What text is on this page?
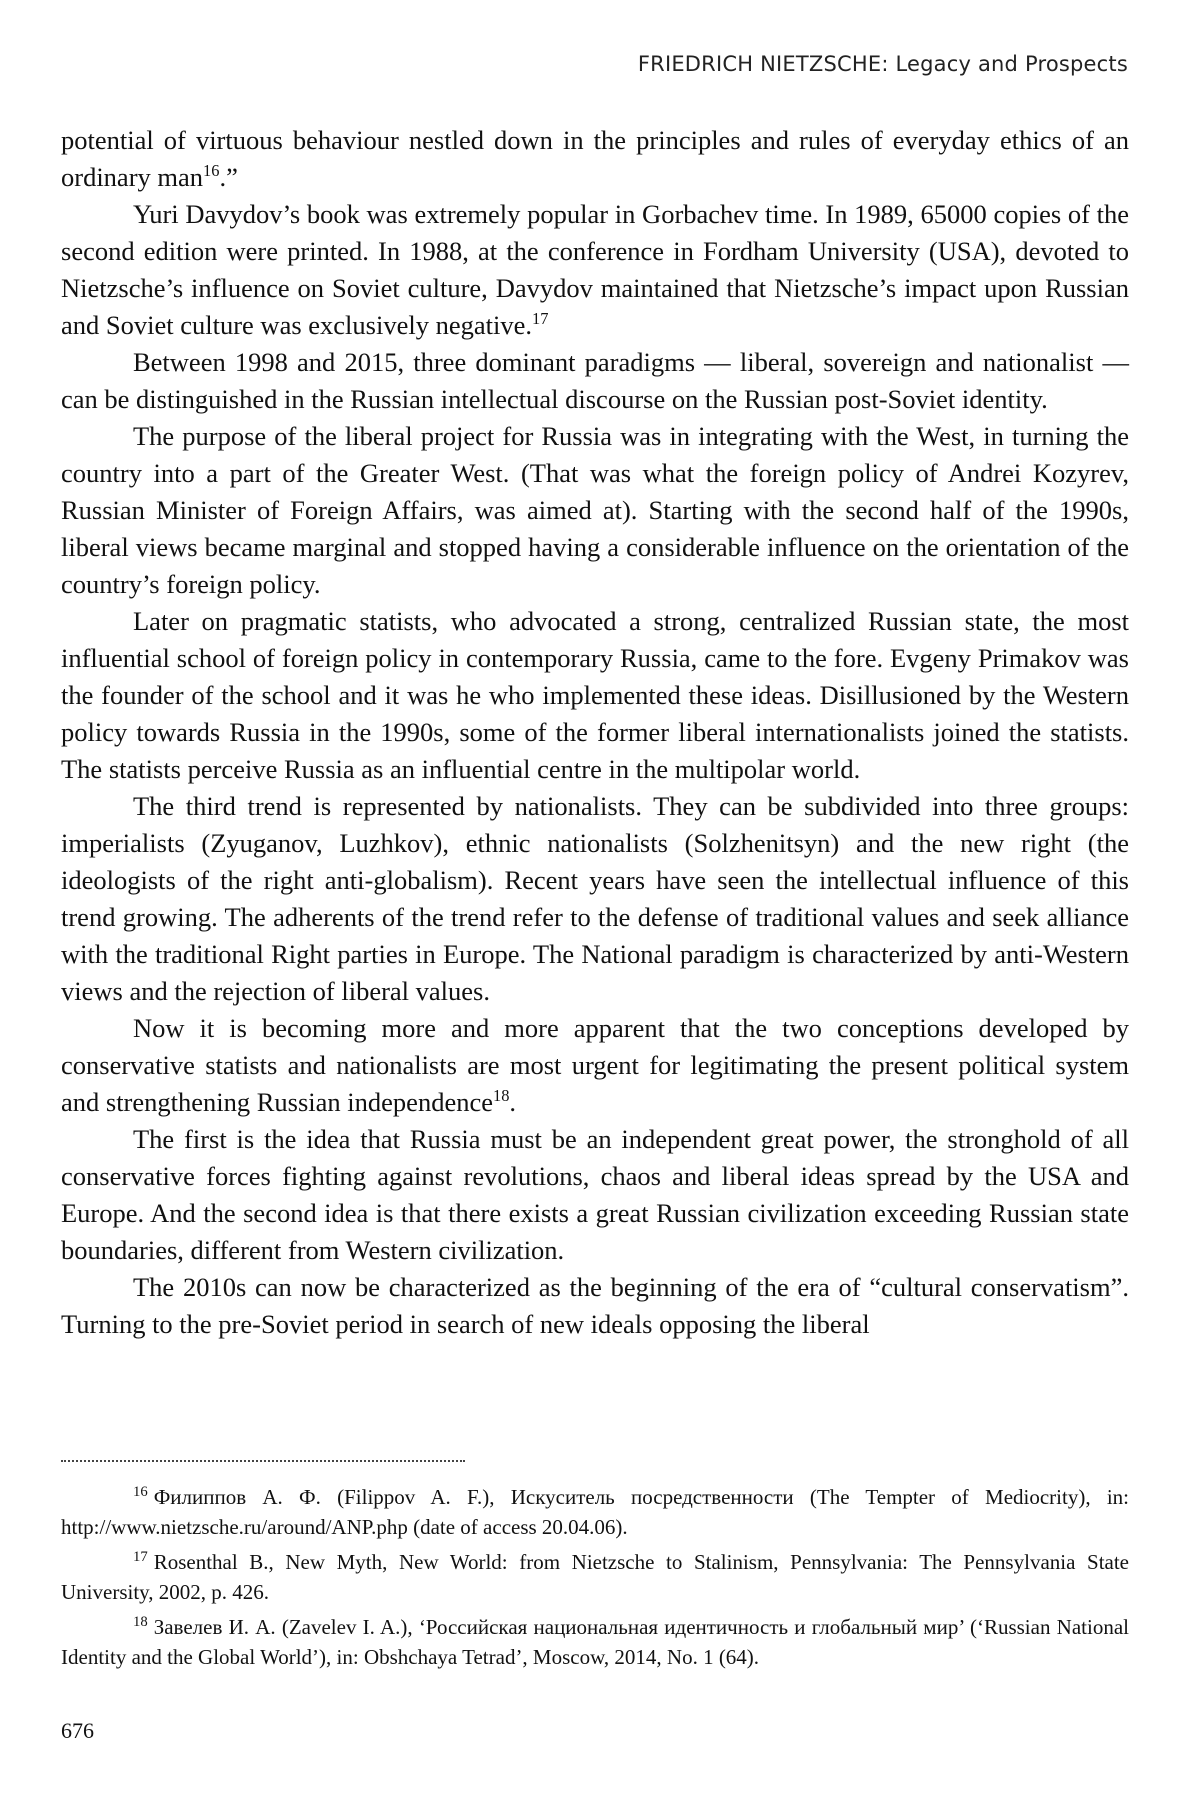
FRIEDRICH NIETZSCHE: Legacy and Prospects

potential of virtuous behaviour nestled down in the principles and rules of everyday ethics of an ordinary man$^{16}$.”

Yuri Davydov’s book was extremely popular in Gorbachev time. In 1989, 65000 copies of the second edition were printed. In 1988, at the conference in Fordham University (USA), devoted to Nietzsche’s influence on Soviet culture, Davydov maintained that Nietzsche’s impact upon Russian and Soviet culture was exclusively negative.$^{17}$

Between 1998 and 2015, three dominant paradigms — liberal, sovereign and nationalist — can be distinguished in the Russian intellectual discourse on the Russian post-Soviet identity.

The purpose of the liberal project for Russia was in integrating with the West, in turning the country into a part of the Greater West. (That was what the foreign policy of Andrei Kozyrev, Russian Minister of Foreign Affairs, was aimed at). Starting with the second half of the 1990s, liberal views became marginal and stopped having a considerable influence on the orientation of the country’s foreign policy.

Later on pragmatic statists, who advocated a strong, centralized Russian state, the most influential school of foreign policy in contemporary Russia, came to the fore. Evgeny Primakov was the founder of the school and it was he who implemented these ideas. Disillusioned by the Western policy towards Russia in the 1990s, some of the former liberal internationalists joined the statists. The statists perceive Russia as an influential centre in the multipolar world.

The third trend is represented by nationalists. They can be subdivided into three groups: imperialists (Zyuganov, Luzhkov), ethnic nationalists (Solzhenitsyn) and the new right (the ideologists of the right anti-globalism). Recent years have seen the intellectual influence of this trend growing. The adherents of the trend refer to the defense of traditional values and seek alliance with the traditional Right parties in Europe. The National paradigm is characterized by anti-Western views and the rejection of liberal values.

Now it is becoming more and more apparent that the two conceptions developed by conservative statists and nationalists are most urgent for legitimating the present political system and strengthening Russian independence$^{18}$.

The first is the idea that Russia must be an independent great power, the stronghold of all conservative forces fighting against revolutions, chaos and liberal ideas spread by the USA and Europe. And the second idea is that there exists a great Russian civilization exceeding Russian state boundaries, different from Western civilization.

The 2010s can now be characterized as the beginning of the era of “cultural conservatism”. Turning to the pre-Soviet period in search of new ideals opposing the liberal

$^{16}$ Филиппов А. Ф. (Filippov A. F.), Искуситель посредственности (The Tempter of Mediocrity), in: http://www.nietzsche.ru/around/ANP.php (date of access 20.04.06).

$^{17}$ Rosenthal B., New Myth, New World: from Nietzsche to Stalinism, Pennsylvania: The Pennsylvania State University, 2002, p. 426.

$^{18}$ Завелев И. А. (Zavelev I. A.), ‘Российская национальная идентичность и глобальный мир’ (‘Russian National Identity and the Global World’), in: Obshchaya Tetrad’, Moscow, 2014, No. 1 (64).

676
